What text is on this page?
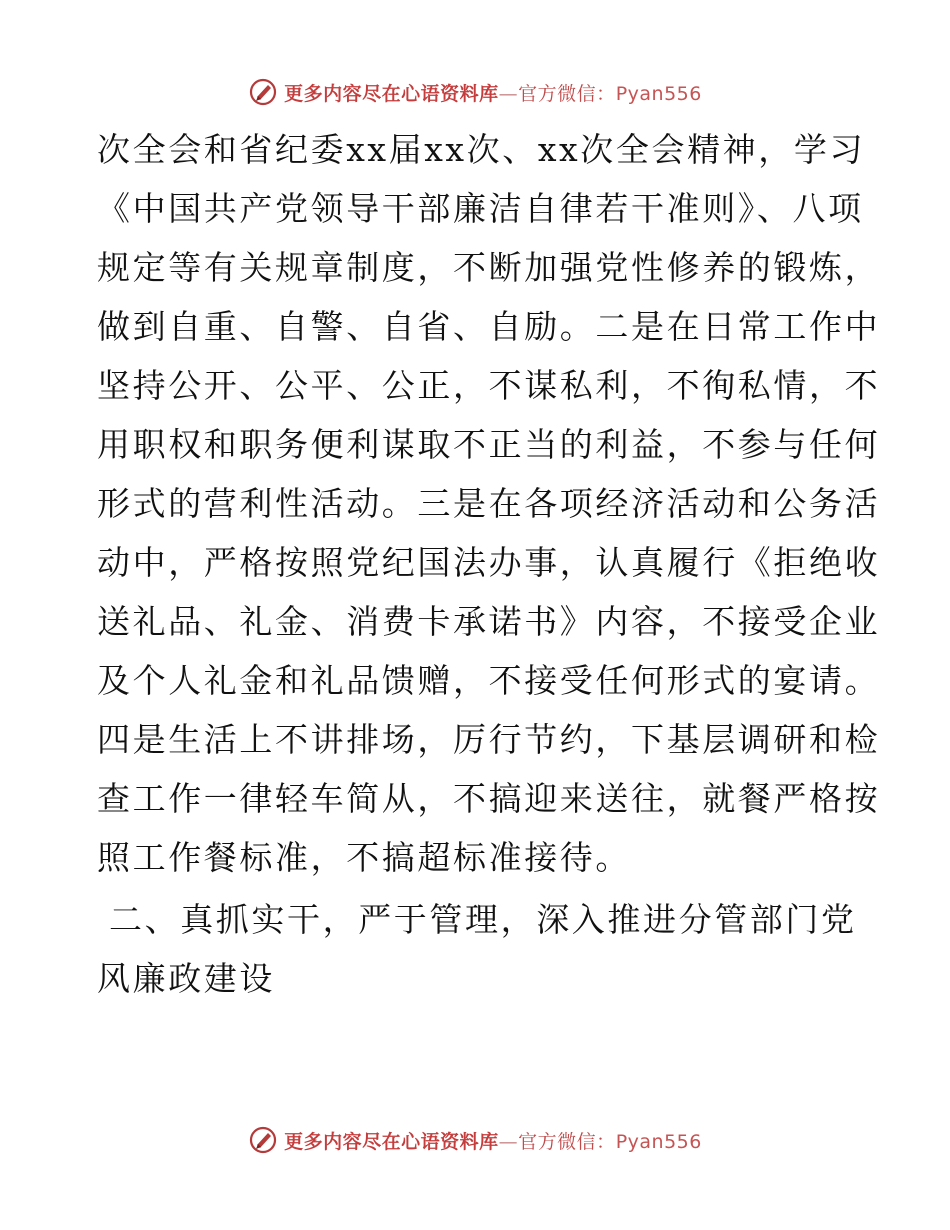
更多内容尽在心语资料库—官方微信：Pyan556
次全会和省纪委xx届xx次、xx次全会精神，学习
《中国共产党领导干部廉洁自律若干准则》、八项
规定等有关规章制度，不断加强党性修养的锻炼，
做到自重、自警、自省、自励。二是在日常工作中
坚持公开、公平、公正，不谋私利，不徇私情，不
用职权和职务便利谋取不正当的利益，不参与任何
形式的营利性活动。三是在各项经济活动和公务活
动中，严格按照党纪国法办事，认真履行《拒绝收
送礼品、礼金、消费卡承诺书》内容，不接受企业
及个人礼金和礼品馈赠，不接受任何形式的宴请。
四是生活上不讲排场，厉行节约，下基层调研和检
查工作一律轻车简从，不搞迎来送往，就餐严格按
照工作餐标准，不搞超标准接待。
二、真抓实干，严于管理，深入推进分管部门党
风廉政建设
更多内容尽在心语资料库—官方微信：Pyan556
